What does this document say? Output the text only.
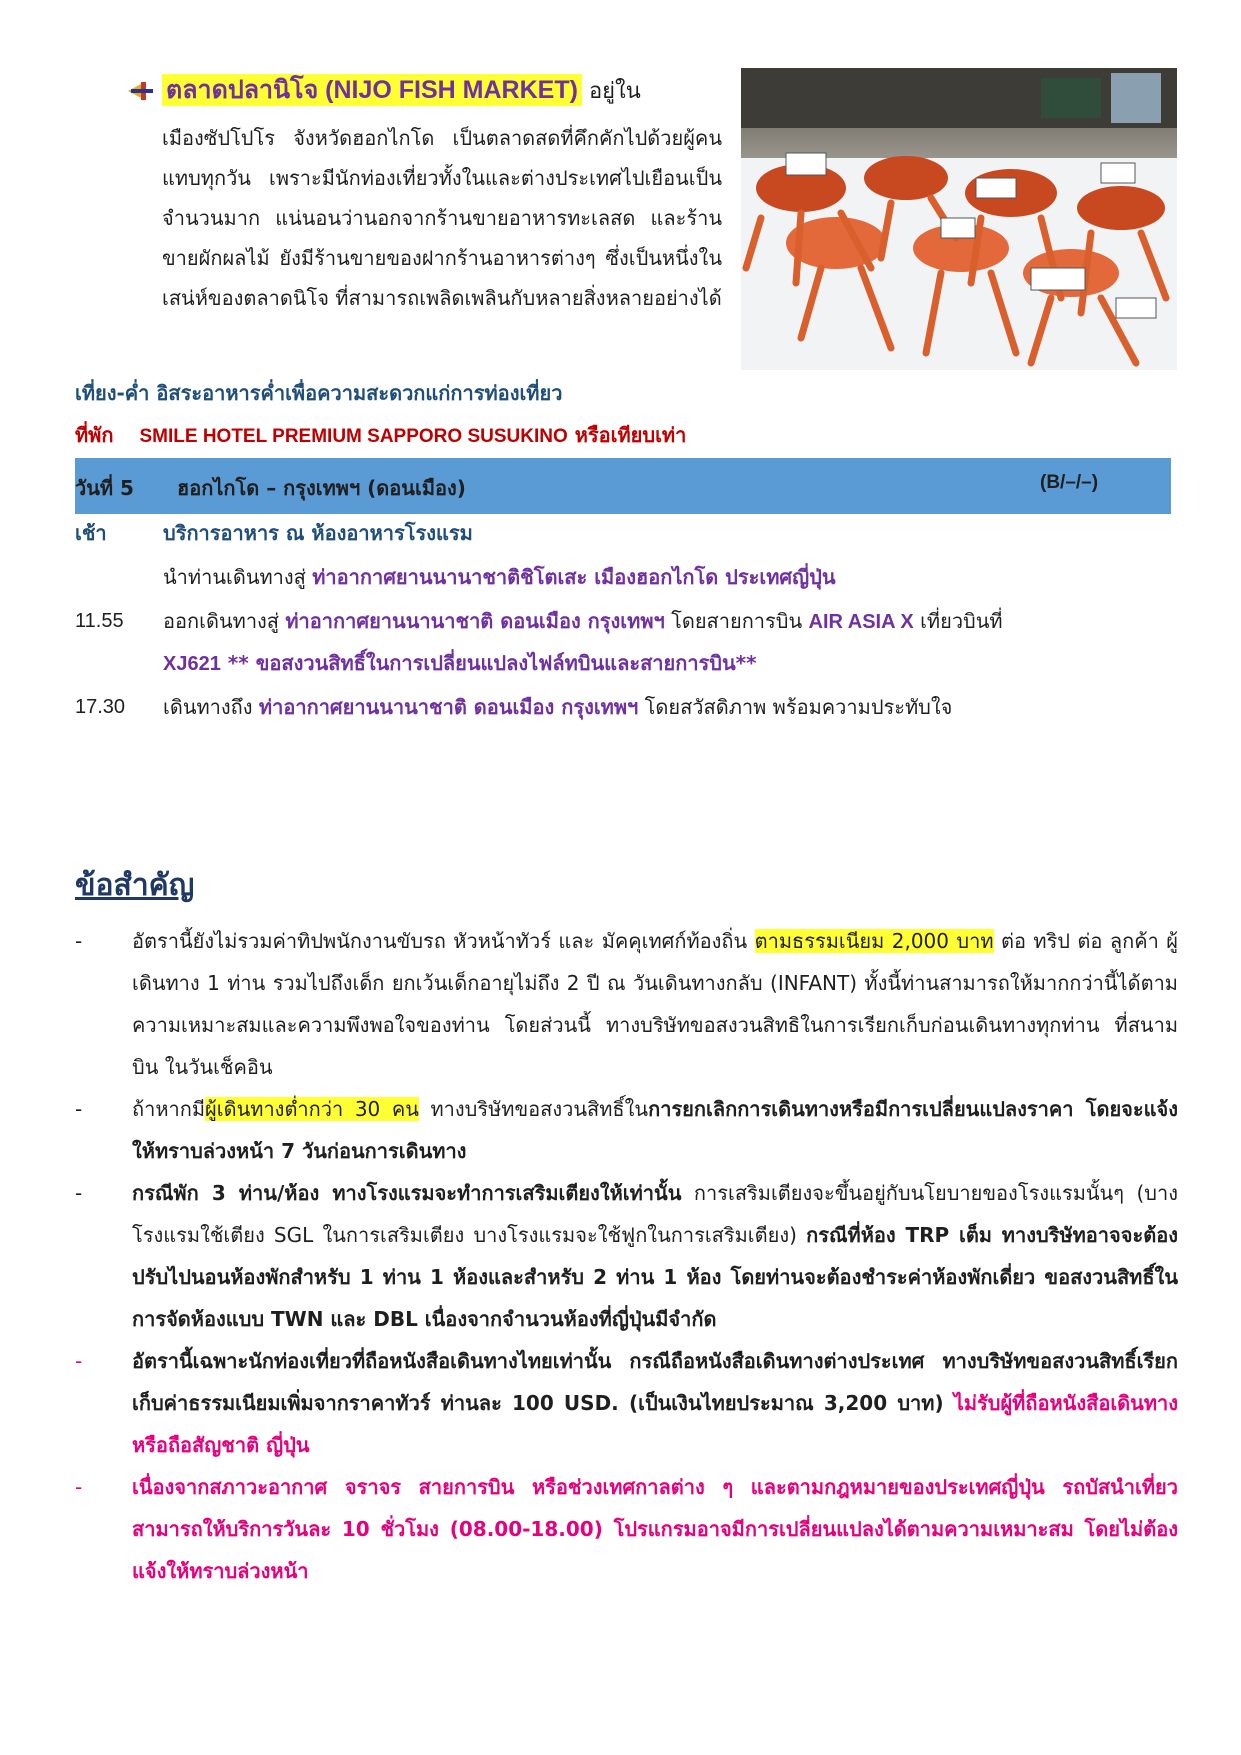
ตลาดปลานิโจ (NIJO FISH MARKET) อยู่ใน
เมืองซัปโปโร จังหวัดฮอกไกโด เป็นตลาดสดที่คึกคักไปด้วยผู้คนแทบทุกวัน เพราะมีนักท่องเที่ยวทั้งในและต่างประเทศไปเยือนเป็นจำนวนมาก แน่นอนว่านอกจากร้านขายอาหารทะเลสด และร้านขายผักผลไม้ ยังมีร้านขายของฝากร้านอาหารต่างๆ ซึ่งเป็นหนึ่งในเสน่ห์ของตลาดนิโจ ที่สามารถเพลิดเพลินกับหลายสิ่งหลายอย่างได้
เที่ยง-ค่ำ อิสระอาหารค่ำเพื่อความสะดวกแก่การท่องเที่ยว
ที่พัก SMILE HOTEL PREMIUM SAPPORO SUSUKINO หรือเทียบเท่า
วันที่ 5 ฮอกไกโด – กรุงเทพฯ (ดอนเมือง)	(B/–/–)
เช้า	บริการอาหาร ณ ห้องอาหารโรงแรม
นำท่านเดินทางสู่ ท่าอากาศยานนานาชาติชิโตเสะ เมืองฮอกไกโด ประเทศญี่ปุ่น
11.55 ออกเดินทางสู่ ท่าอากาศยานนานาชาติ ดอนเมือง กรุงเทพฯ โดยสายการบิน AIR ASIA X เที่ยวบินที่
XJ621 ** ขอสงวนสิทธิ์ในการเปลี่ยนแปลงไฟล์ทบินและสายการบิน**
17.30 เดินทางถึง ท่าอากาศยานนานาชาติ ดอนเมือง กรุงเทพฯ โดยสวัสดิภาพ พร้อมความประทับใจ
ข้อสำคัญ
- อัตรานี้ยังไม่รวมค่าทิปพนักงานขับรถ หัวหน้าทัวร์ และ มัคคุเทศก์ท้องถิ่น ตามธรรมเนียม 2,000 บาท ต่อ ทริป ต่อ ลูกค้า ผู้เดินทาง 1 ท่าน รวมไปถึงเด็ก ยกเว้นเด็กอายุไม่ถึง 2 ปี ณ วันเดินทางกลับ (INFANT) ทั้งนี้ท่านสามารถให้มากกว่านี้ได้ตามความเหมาะสมและความพึงพอใจของท่าน โดยส่วนนี้ ทางบริษัทขอสงวนสิทธิในการเรียกเก็บก่อนเดินทางทุกท่าน ที่สนามบิน ในวันเช็คอิน
- ถ้าหากมีผู้เดินทางต่ำกว่า 30 คน ทางบริษัทขอสงวนสิทธิ์ในการยกเลิกการเดินทางหรือมีการเปลี่ยนแปลงราคา โดยจะแจ้งให้ทราบล่วงหน้า 7 วันก่อนการเดินทาง
- กรณีพัก 3 ท่าน/ห้อง ทางโรงแรมจะทำการเสริมเตียงให้เท่านั้น การเสริมเตียงจะขึ้นอยู่กับนโยบายของโรงแรมนั้นๆ (บางโรงแรมใช้เตียง SGL ในการเสริมเตียง บางโรงแรมจะใช้ฟูกในการเสริมเตียง) กรณีที่ห้อง TRP เต็ม ทางบริษัทอาจจะต้องปรับไปนอนห้องพักสำหรับ 1 ท่าน 1 ห้องและสำหรับ 2 ท่าน 1 ห้อง โดยท่านจะต้องชำระค่าห้องพักเดี่ยว ขอสงวนสิทธิ์ในการจัดห้องแบบ TWN และ DBL เนื่องจากจำนวนห้องที่ญี่ปุ่นมีจำกัด
- อัตรานี้เฉพาะนักท่องเที่ยวที่ถือหนังสือเดินทางไทยเท่านั้น กรณีถือหนังสือเดินทางต่างประเทศ ทางบริษัทขอสงวนสิทธิ์เรียกเก็บค่าธรรมเนียมเพิ่มจากราคาทัวร์ ท่านละ 100 USD. (เป็นเงินไทยประมาณ 3,200 บาท) ไม่รับผู้ที่ถือหนังสือเดินทางหรือถือสัญชาติ ญี่ปุ่น
- เนื่องจากสภาวะอากาศ จราจร สายการบิน หรือช่วงเทศกาลต่าง ๆ และตามกฎหมายของประเทศญี่ปุ่น รถบัสนำเที่ยวสามารถให้บริการวันละ 10 ชั่วโมง (08.00-18.00) โปรแกรมอาจมีการเปลี่ยนแปลงได้ตามความเหมาะสม โดยไม่ต้องแจ้งให้ทราบล่วงหน้า
